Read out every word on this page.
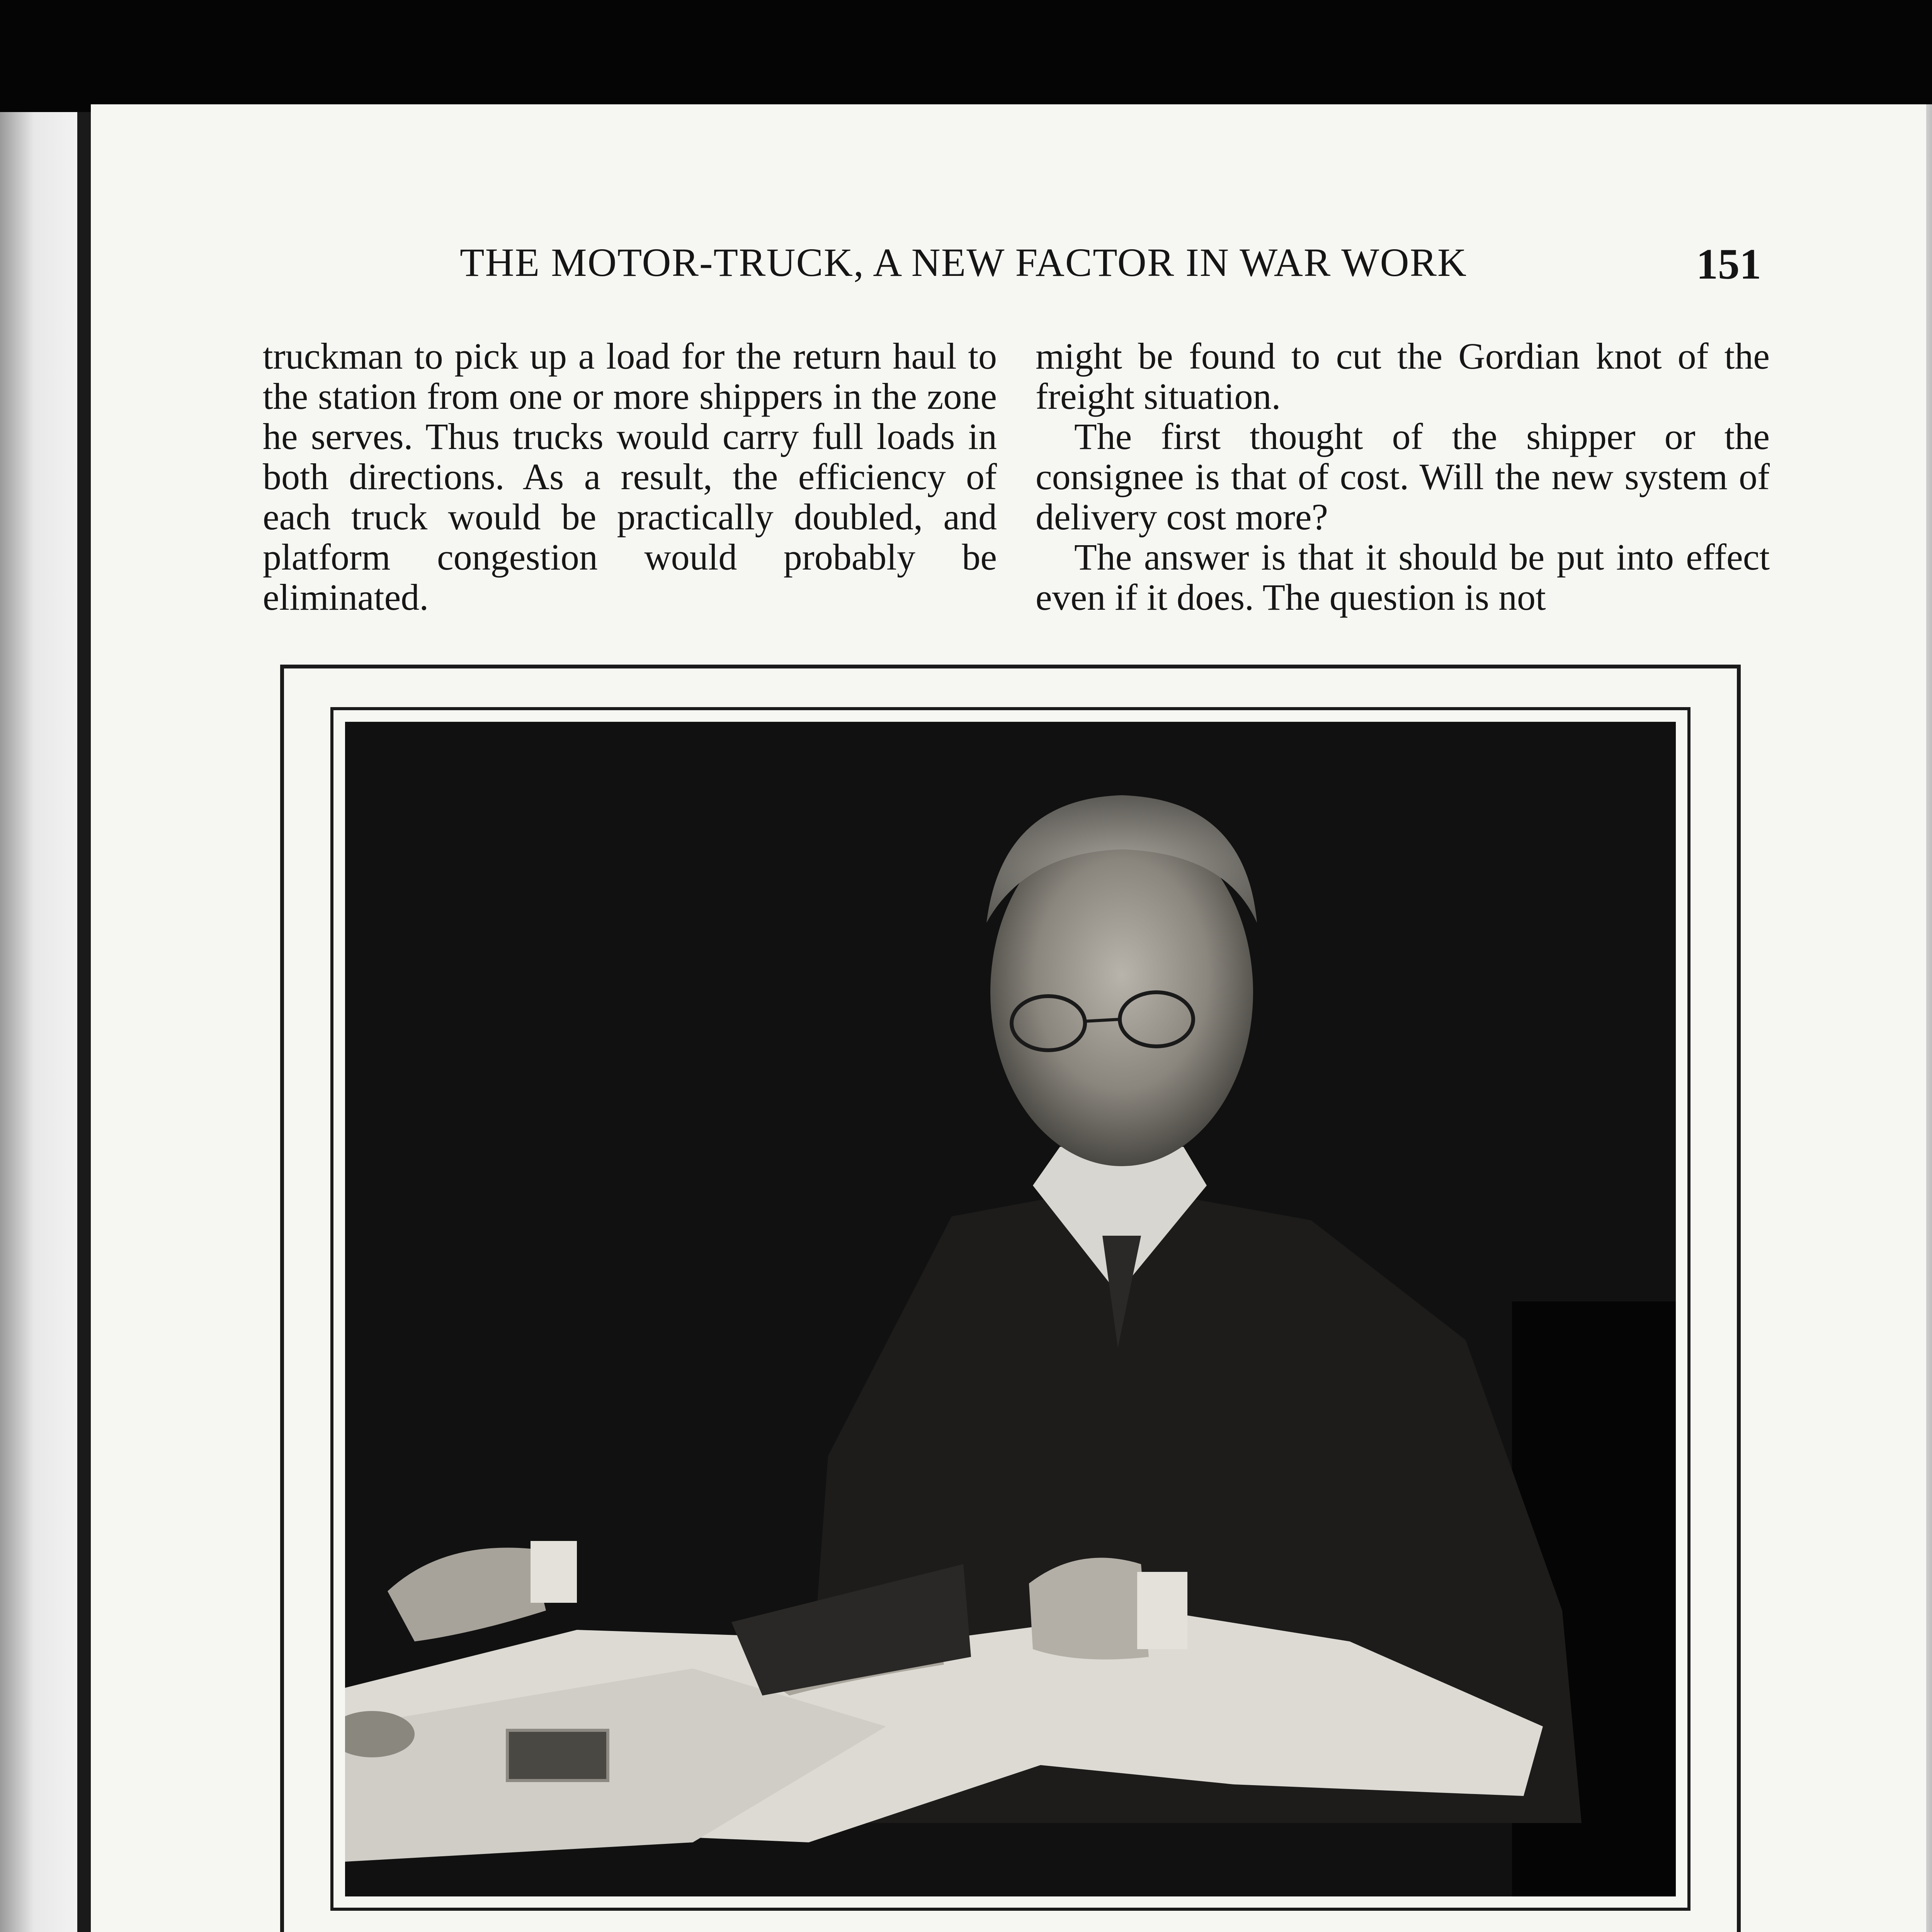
THE MOTOR-TRUCK, A NEW FACTOR IN WAR WORK	151

truckman to pick up a load for the return haul to the station from one or more shippers in the zone he serves. Thus trucks would carry full loads in both directions. As a result, the efficiency of each truck would be practically doubled, and platform congestion would probably be eliminated.

might be found to cut the Gordian knot of the freight situation.

The first thought of the shipper or the consignee is that of cost. Will the new system of delivery cost more?

The answer is that it should be put into effect even if it does. The question is not
